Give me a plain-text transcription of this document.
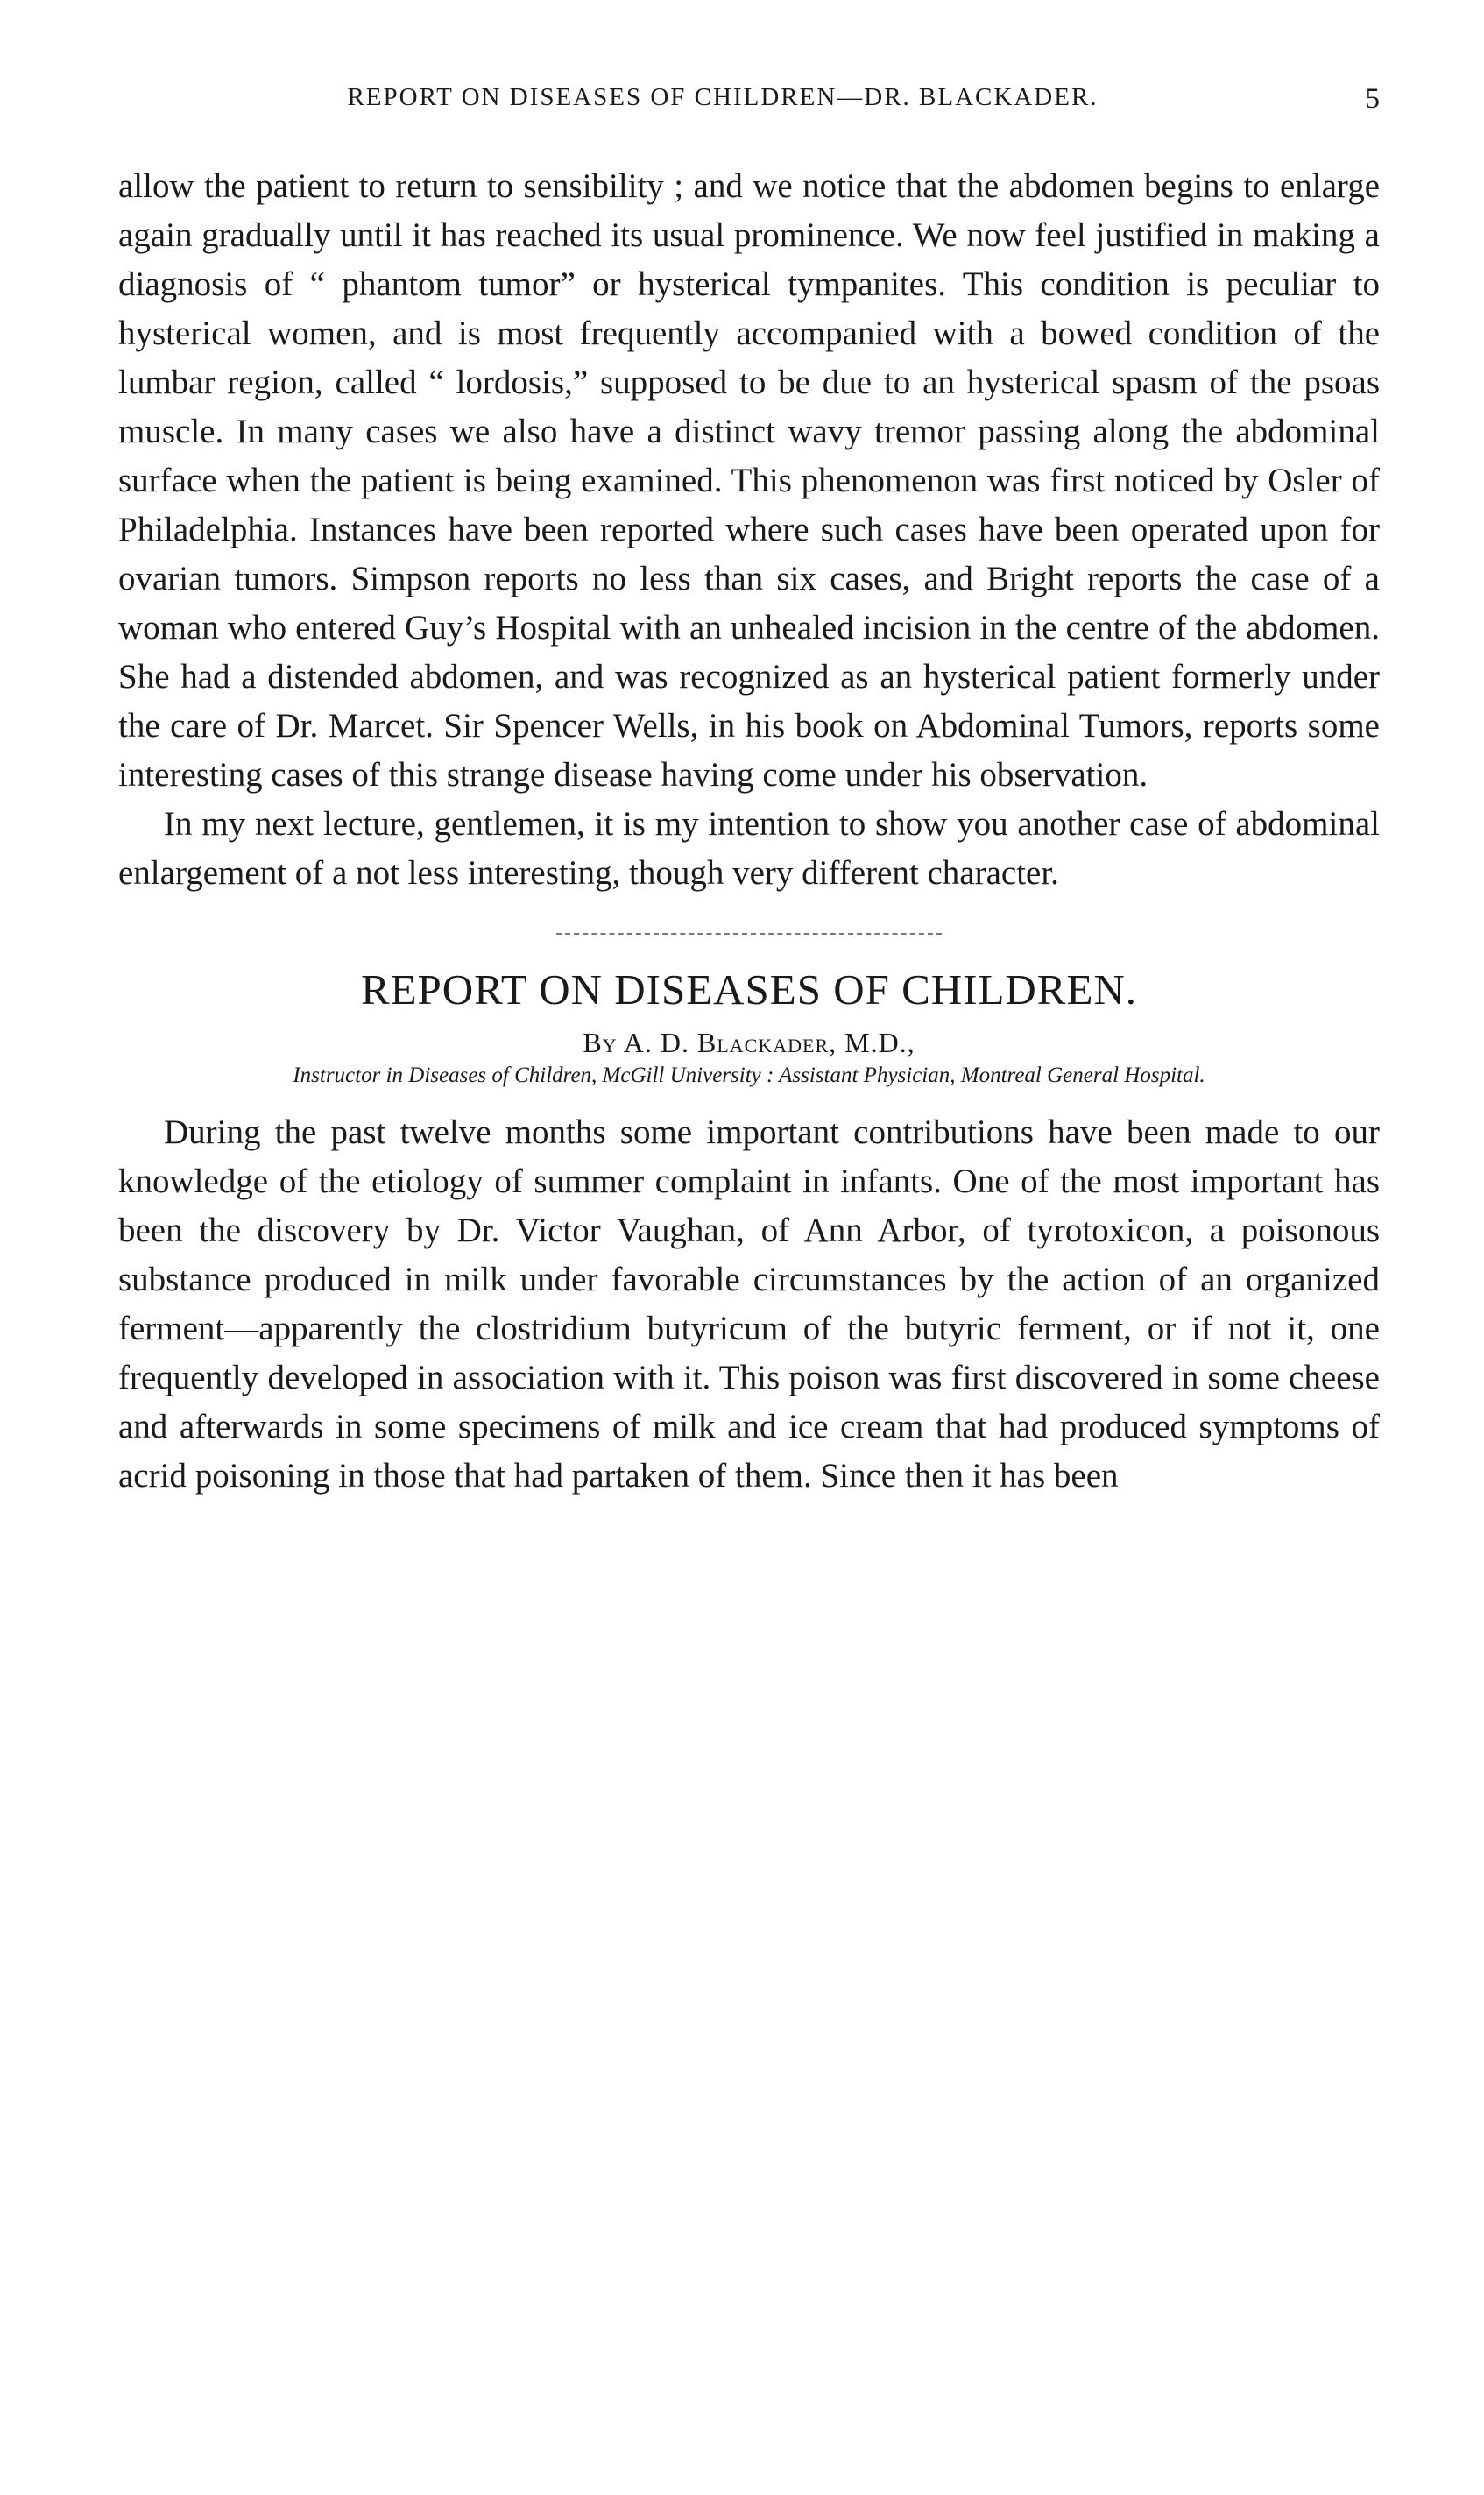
REPORT ON DISEASES OF CHILDREN—DR. BLACKADER.	5

allow the patient to return to sensibility ; and we notice that the abdomen begins to enlarge again gradually until it has reached its usual prominence. We now feel justified in making a diagnosis of “ phantom tumor” or hysterical tympanites. This condition is peculiar to hysterical women, and is most frequently accompanied with a bowed condition of the lumbar region, called “ lordosis,” supposed to be due to an hysterical spasm of the psoas muscle. In many cases we also have a distinct wavy tremor passing along the abdominal surface when the patient is being examined. This phenomenon was first noticed by Osler of Philadelphia. Instances have been reported where such cases have been operated upon for ovarian tumors. Simpson reports no less than six cases, and Bright reports the case of a woman who entered Guy’s Hospital with an unhealed incision in the centre of the abdomen. She had a distended abdomen, and was recognized as an hysterical patient formerly under the care of Dr. Marcet. Sir Spencer Wells, in his book on Abdominal Tumors, reports some interesting cases of this strange disease having come under his observation.

In my next lecture, gentlemen, it is my intention to show you another case of abdominal enlargement of a not less interesting, though very different character.

REPORT ON DISEASES OF CHILDREN.
By A. D. Blackader, M.D.,
Instructor in Diseases of Children, McGill University : Assistant Physician, Montreal General Hospital.

During the past twelve months some important contributions have been made to our knowledge of the etiology of summer complaint in infants. One of the most important has been the discovery by Dr. Victor Vaughan, of Ann Arbor, of tyrotoxicon, a poisonous substance produced in milk under favorable circumstances by the action of an organized ferment—apparently the clostridium butyricum of the butyric ferment, or if not it, one frequently developed in association with it. This poison was first discovered in some cheese and afterwards in some specimens of milk and ice cream that had produced symptoms of acrid poisoning in those that had partaken of them. Since then it has been
